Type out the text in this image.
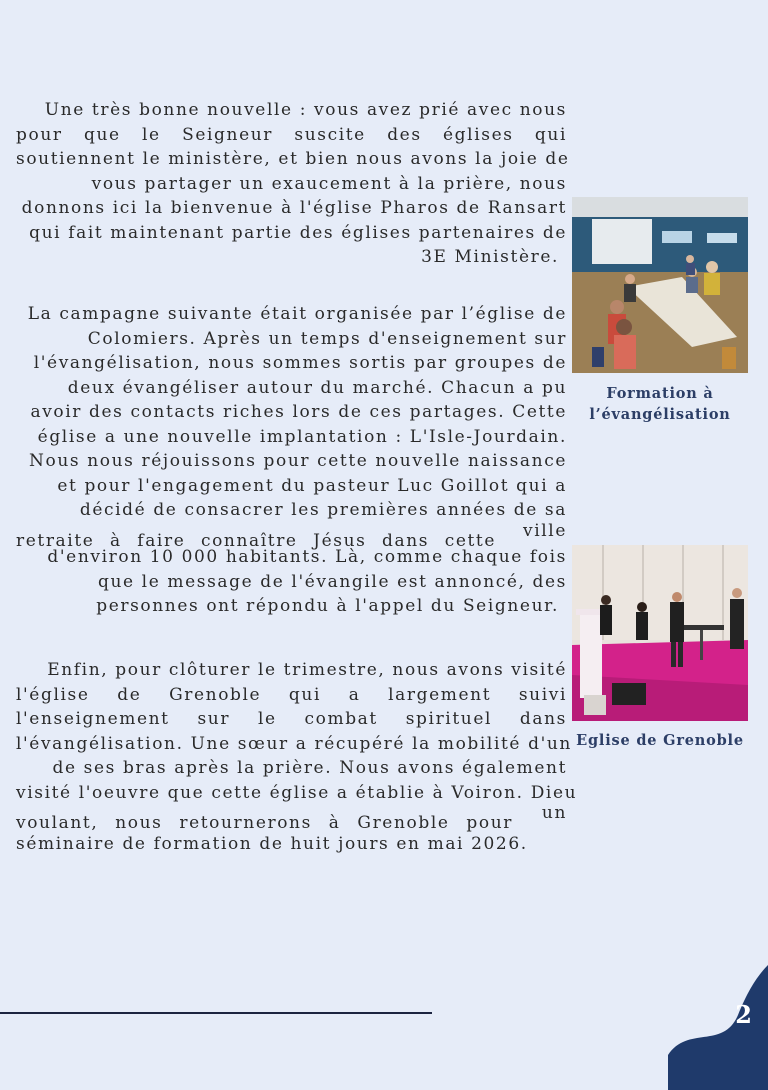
Une très bonne nouvelle : vous avez prié avec nous
pour que le Seigneur suscite des églises qui
soutiennent le ministère, et bien nous avons la joie de
vous partager un exaucement à la prière, nous
donnons ici la bienvenue à l'église Pharos de Ransart
qui fait maintenant partie des églises partenaires de
3E Ministère.
La campagne suivante était organisée par l’église de
Colomiers. Après un temps d'enseignement sur
l'évangélisation, nous sommes sortis par groupes de
deux évangéliser autour du marché. Chacun a pu
avoir des contacts riches lors de ces partages. Cette
église a une nouvelle implantation : L'Isle-Jourdain.
Nous nous réjouissons pour cette nouvelle naissance
et pour l'engagement du pasteur Luc Goillot qui a
décidé de consacrer les premières années de sa
retraite à faire connaître Jésus dans cette ville
d'environ 10 000 habitants. Là, comme chaque fois
que le message de l'évangile est annoncé, des
personnes ont répondu à l'appel du Seigneur.
Enfin, pour clôturer le trimestre, nous avons visité
l'église de Grenoble qui a largement suivi
l'enseignement sur le combat spirituel dans
l'évangélisation. Une sœur a récupéré la mobilité d'un
de ses bras après la prière. Nous avons également
visité l'oeuvre que cette église a établie à Voiron. Dieu
voulant, nous retournerons à Grenoble pour un
séminaire de formation de huit jours en mai 2026.
Formation à
l’évangélisation
Eglise de Grenoble
2
